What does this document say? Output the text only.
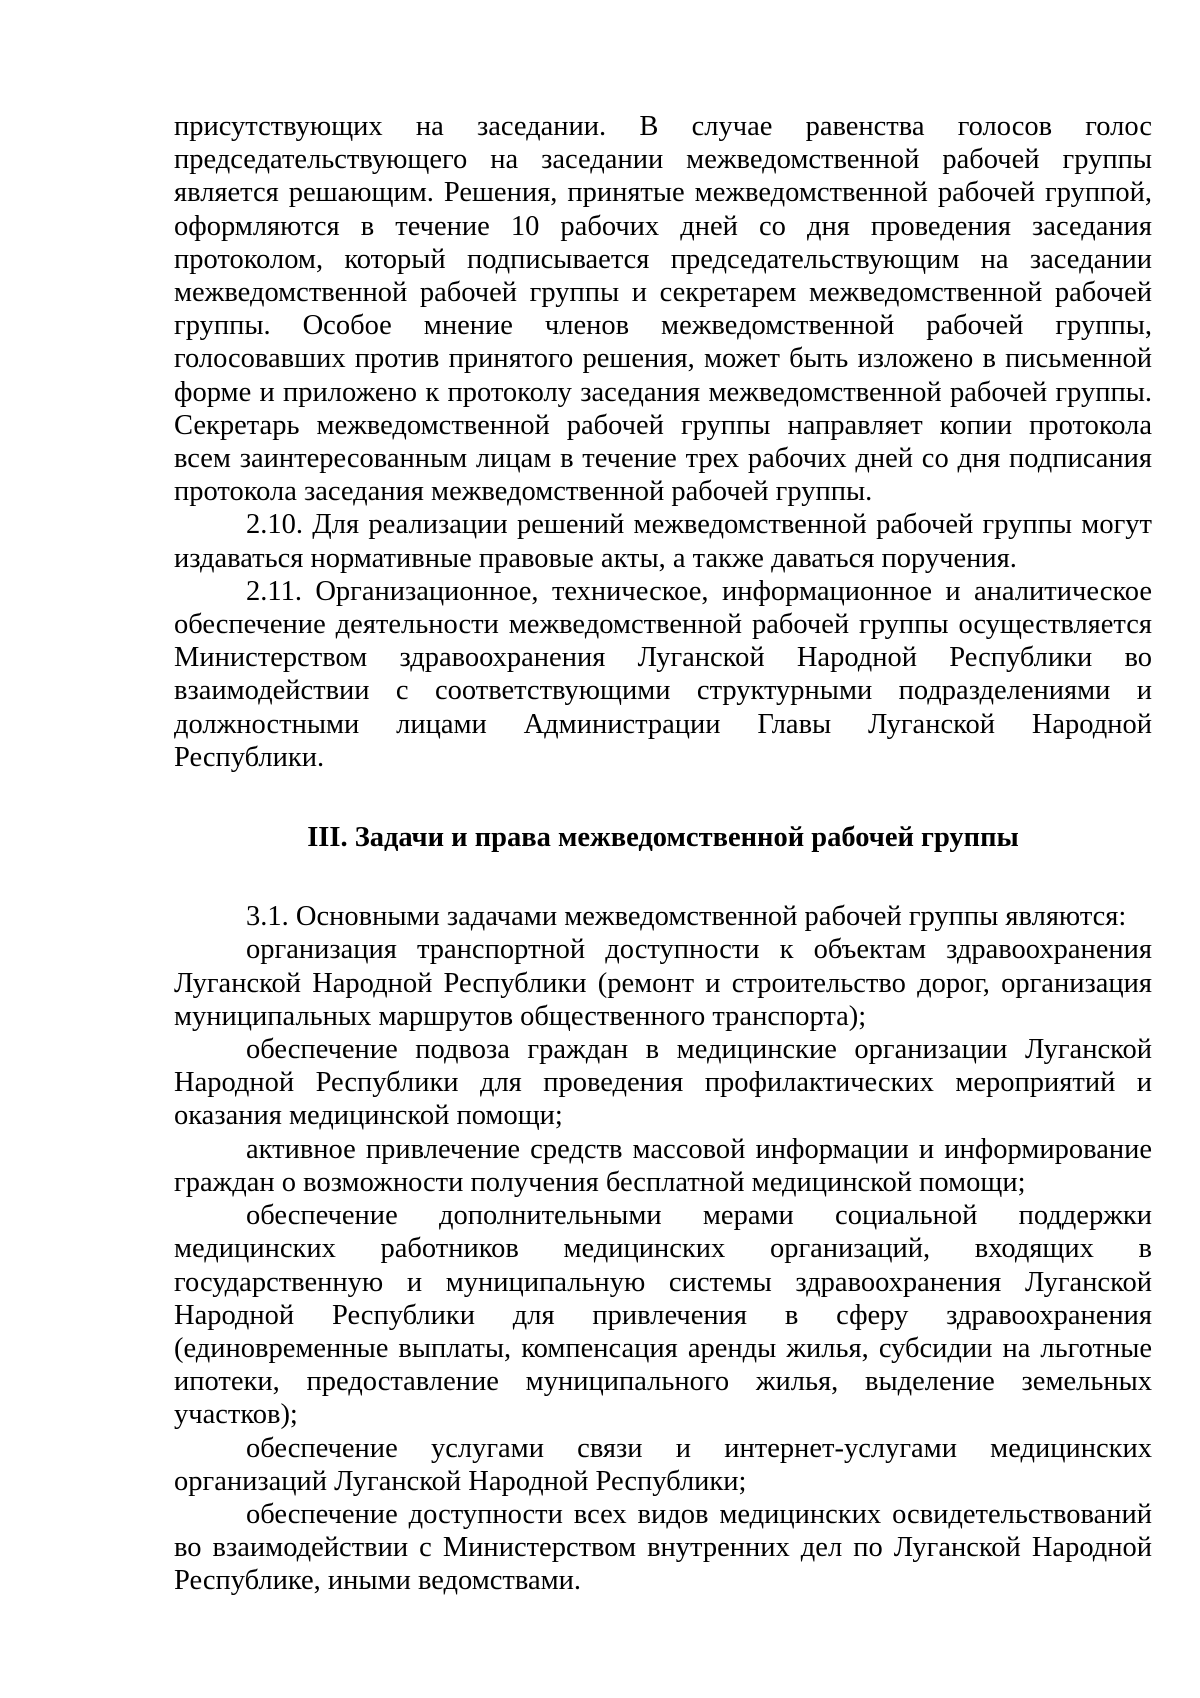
присутствующих на заседании. В случае равенства голосов голос председательствующего на заседании межведомственной рабочей группы является решающим. Решения, принятые межведомственной рабочей группой, оформляются в течение 10 рабочих дней со дня проведения заседания протоколом, который подписывается председательствующим на заседании межведомственной рабочей группы и секретарем межведомственной рабочей группы. Особое мнение членов межведомственной рабочей группы, голосовавших против принятого решения, может быть изложено в письменной форме и приложено к протоколу заседания межведомственной рабочей группы. Секретарь межведомственной рабочей группы направляет копии протокола всем заинтересованным лицам в течение трех рабочих дней со дня подписания протокола заседания межведомственной рабочей группы.

2.10. Для реализации решений межведомственной рабочей группы могут издаваться нормативные правовые акты, а также даваться поручения.

2.11. Организационное, техническое, информационное и аналитическое обеспечение деятельности межведомственной рабочей группы осуществляется Министерством здравоохранения Луганской Народной Республики во взаимодействии с соответствующими структурными подразделениями и должностными лицами Администрации Главы Луганской Народной Республики.

III. Задачи и права межведомственной рабочей группы

3.1. Основными задачами межведомственной рабочей группы являются:

организация транспортной доступности к объектам здравоохранения Луганской Народной Республики (ремонт и строительство дорог, организация муниципальных маршрутов общественного транспорта);

обеспечение подвоза граждан в медицинские организации Луганской Народной Республики для проведения профилактических мероприятий и оказания медицинской помощи;

активное привлечение средств массовой информации и информирование граждан о возможности получения бесплатной медицинской помощи;

обеспечение дополнительными мерами социальной поддержки медицинских работников медицинских организаций, входящих в государственную и муниципальную системы здравоохранения Луганской Народной Республики для привлечения в сферу здравоохранения (единовременные выплаты, компенсация аренды жилья, субсидии на льготные ипотеки, предоставление муниципального жилья, выделение земельных участков);

обеспечение услугами связи и интернет-услугами медицинских организаций Луганской Народной Республики;

обеспечение доступности всех видов медицинских освидетельствований во взаимодействии с Министерством внутренних дел по Луганской Народной Республике, иными ведомствами.
